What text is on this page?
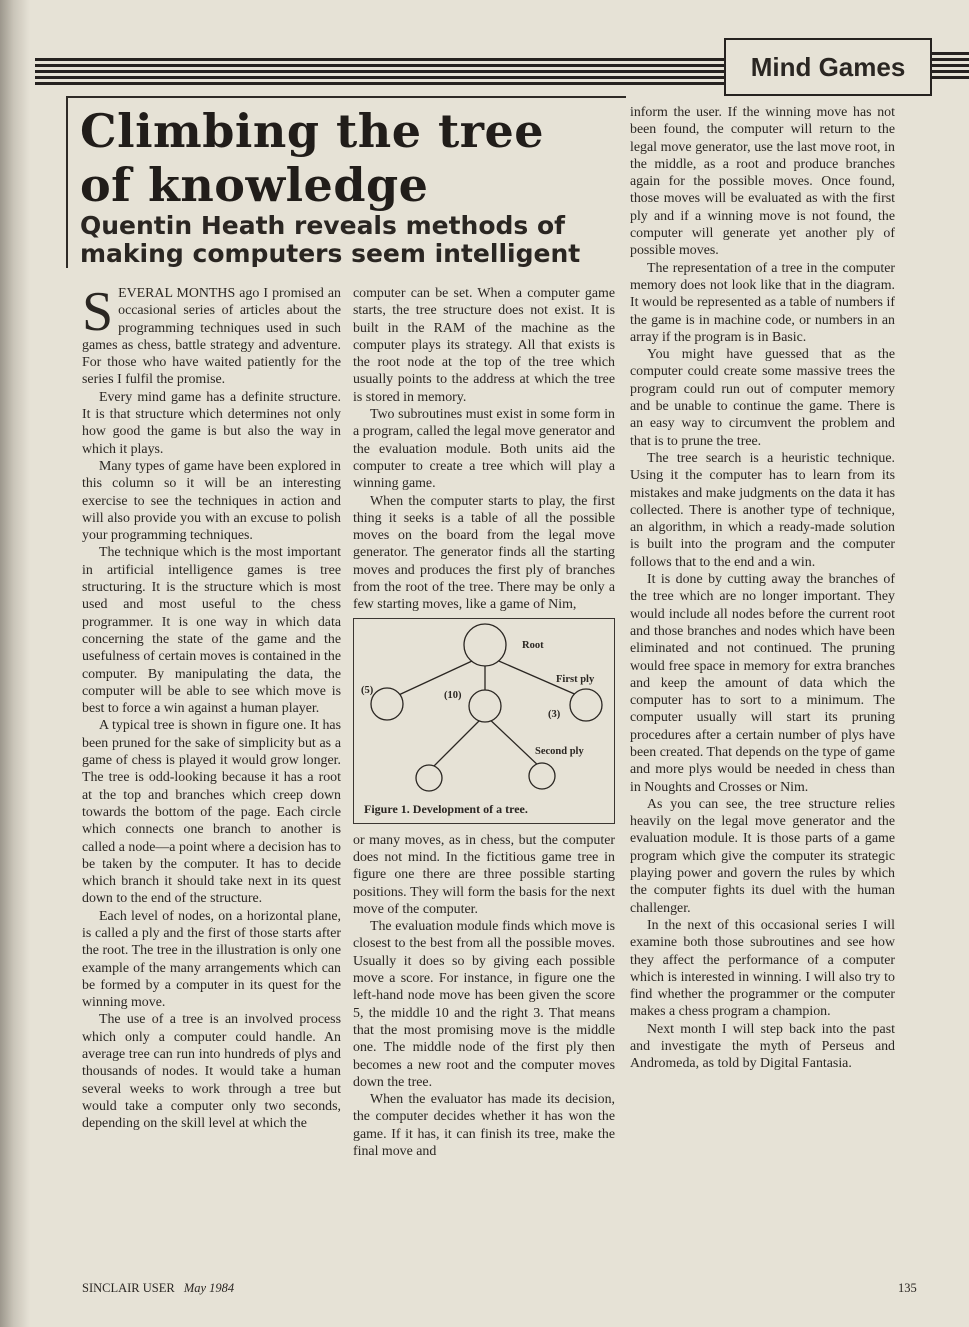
Mind Games
Climbing the tree of knowledge
Quentin Heath reveals methods of making computers seem intelligent

SEVERAL MONTHS ago I promised an occasional series of articles about the programming techniques used in such games as chess, battle strategy and adventure. For those who have waited patiently for the series I fulfil the promise.

Every mind game has a definite structure. It is that structure which determines not only how good the game is but also the way in which it plays.

Many types of game have been explored in this column so it will be an interesting exercise to see the techniques in action and will also provide you with an excuse to polish your programming techniques.

The technique which is the most important in artificial intelligence games is tree structuring. It is the structure which is most used and most useful to the chess programmer. It is one way in which data concerning the state of the game and the usefulness of certain moves is contained in the computer. By manipulating the data, the computer will be able to see which move is best to force a win against a human player.

A typical tree is shown in figure one. It has been pruned for the sake of simplicity but as a game of chess is played it would grow longer. The tree is odd-looking because it has a root at the top and branches which creep down towards the bottom of the page. Each circle which connects one branch to another is called a node—a point where a decision has to be taken by the computer. It has to decide which branch it should take next in its quest down to the end of the structure.

Each level of nodes, on a horizontal plane, is called a ply and the first of those starts after the root. The tree in the illustration is only one example of the many arrangements which can be formed by a computer in its quest for the winning move.

The use of a tree is an involved process which only a computer could handle. An average tree can run into hundreds of plys and thousands of nodes. It would take a human several weeks to work through a tree but would take a computer only two seconds, depending on the skill level at which the

computer can be set. When a computer game starts, the tree structure does not exist. It is built in the RAM of the machine as the computer plays its strategy. All that exists is the root node at the top of the tree which usually points to the address at which the tree is stored in memory.

Two subroutines must exist in some form in a program, called the legal move generator and the evaluation module. Both units aid the computer to create a tree which will play a winning game.

When the computer starts to play, the first thing it seeks is a table of all the possible moves on the board from the legal move generator. The generator finds all the starting moves and produces the first ply of branches from the root of the tree. There may be only a few starting moves, like a game of Nim,

Root
First ply
Second ply
(5)	(10)
(3)
Figure 1. Development of a tree.

or many moves, as in chess, but the computer does not mind. In the fictitious game tree in figure one there are three possible starting positions. They will form the basis for the next move of the computer.

The evaluation module finds which move is closest to the best from all the possible moves. Usually it does so by giving each possible move a score. For instance, in figure one the left-hand node move has been given the score 5, the middle 10 and the right 3. That means that the most promising move is the middle one. The middle node of the first ply then becomes a new root and the computer moves down the tree.

When the evaluator has made its decision, the computer decides whether it has won the game. If it has, it can finish its tree, make the final move and

inform the user. If the winning move has not been found, the computer will return to the legal move generator, use the last move root, in the middle, as a root and produce branches again for the possible moves. Once found, those moves will be evaluated as with the first ply and if a winning move is not found, the computer will generate yet another ply of possible moves.

The representation of a tree in the computer memory does not look like that in the diagram. It would be represented as a table of numbers if the game is in machine code, or numbers in an array if the program is in Basic.

You might have guessed that as the computer could create some massive trees the program could run out of computer memory and be unable to continue the game. There is an easy way to circumvent the problem and that is to prune the tree.

The tree search is a heuristic technique. Using it the computer has to learn from its mistakes and make judgments on the data it has collected. There is another type of technique, an algorithm, in which a ready-made solution is built into the program and the computer follows that to the end and a win.

It is done by cutting away the branches of the tree which are no longer important. They would include all nodes before the current root and those branches and nodes which have been eliminated and not continued. The pruning would free space in memory for extra branches and keep the amount of data which the computer has to sort to a minimum. The computer usually will start its pruning procedures after a certain number of plys have been created. That depends on the type of game and more plys would be needed in chess than in Noughts and Crosses or Nim.

As you can see, the tree structure relies heavily on the legal move generator and the evaluation module. It is those parts of a game program which give the computer its strategic playing power and govern the rules by which the computer fights its duel with the human challenger.

In the next of this occasional series I will examine both those subroutines and see how they affect the performance of a computer which is interested in winning. I will also try to find whether the programmer or the computer makes a chess program a champion.

Next month I will step back into the past and investigate the myth of Perseus and Andromeda, as told by Digital Fantasia.

SINCLAIR USER May 1984	135
